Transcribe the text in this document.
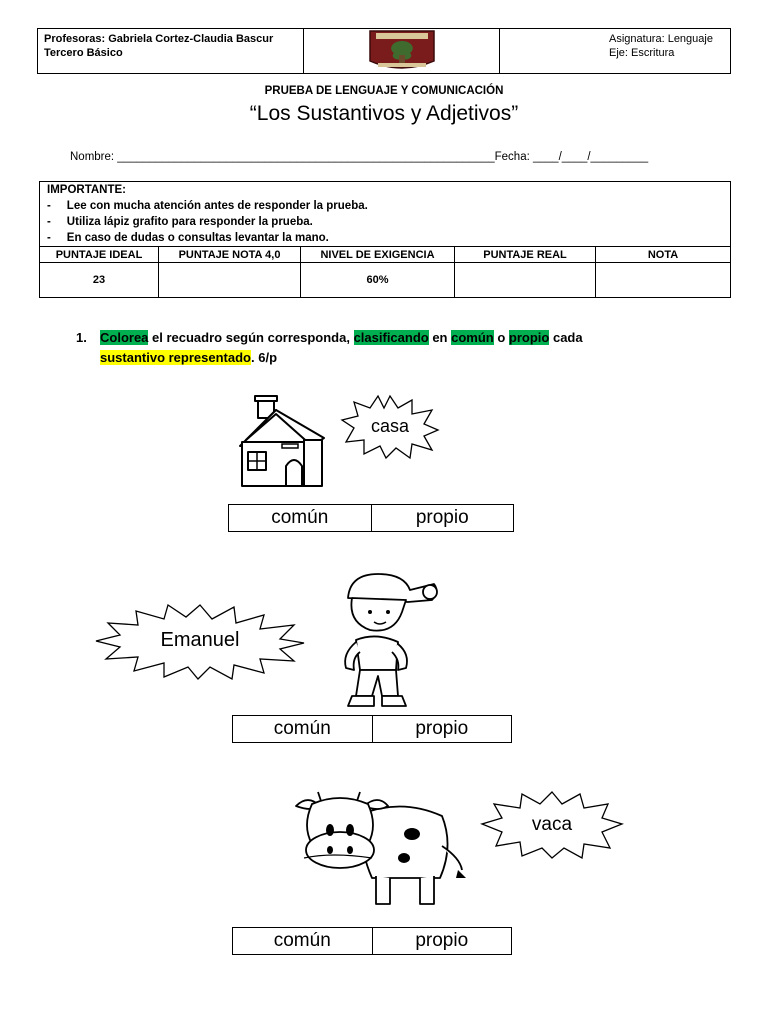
Profesoras: Gabriela Cortez-Claudia Bascur
Tercero Básico
Asignatura: Lenguaje
Eje: Escritura
PRUEBA DE LENGUAJE Y COMUNICACIÓN
“Los Sustantivos y Adjetivos”
Nombre: ___________________________________________________________Fecha: ____/____/_________
IMPORTANTE:
-     Lee con mucha atención antes de responder la prueba.
-     Utiliza lápiz grafito para responder la prueba.
-     En caso de dudas o consultas levantar la mano.
PUNTAJE IDEAL	PUNTAJE NOTA 4,0	NIVEL DE EXIGENCIA	PUNTAJE REAL	NOTA
23		60%		
1. Colorea el recuadro según corresponda, clasificando en común o propio cada
sustantivo representado. 6/p
casa
común	propio
Emanuel
común	propio
vaca
común	propio
